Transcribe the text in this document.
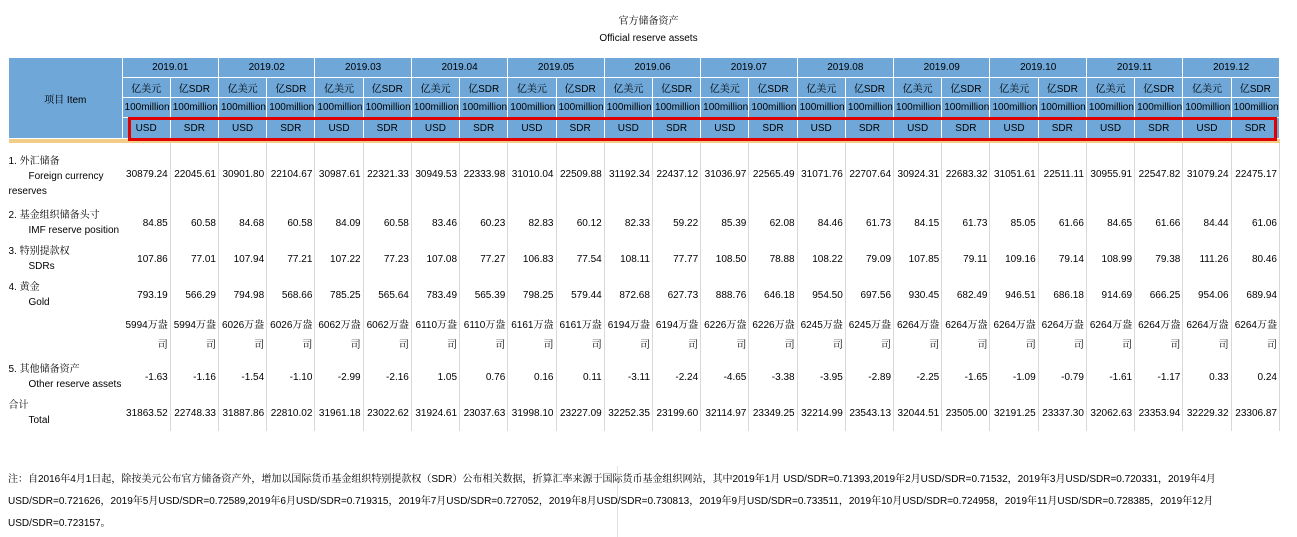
官方储备资产
Official reserve assets
项目 Item	2019.01		2019.02		2019.03		2019.04		2019.05		2019.06		2019.07		2019.08		2019.09		2019.10		2019.11		2019.12	
	亿美元	亿SDR	亿美元	亿SDR	亿美元	亿SDR	亿美元	亿SDR	亿美元	亿SDR	亿美元	亿SDR	亿美元	亿SDR	亿美元	亿SDR	亿美元	亿SDR	亿美元	亿SDR	亿美元	亿SDR	亿美元	亿SDR
	100million	100million	100million	100million	100million	100million	100million	100million	100million	100million	100million	100million	100million	100million	100million	100million	100million	100million	100million	100million	100million	100million	100million	100million
	USD	SDR	USD	SDR	USD	SDR	USD	SDR	USD	SDR	USD	SDR	USD	SDR	USD	SDR	USD	SDR	USD	SDR	USD	SDR	USD	SDR

1. 外汇储备
Foreign currency
reserves	30879.24	22045.61	30901.80	22104.67	30987.61	22321.33	30949.53	22333.98	31010.04	22509.88	31192.34	22437.12	31036.97	22565.49	31071.76	22707.64	30924.31	22683.32	31051.61	22511.11	30955.91	22547.82	31079.24	22475.17

2. 基金组织储备头寸
IMF reserve position	84.85	60.58	84.68	60.58	84.09	60.58	83.46	60.23	82.83	60.12	82.33	59.22	85.39	62.08	84.46	61.73	84.15	61.73	85.05	61.66	84.65	61.66	84.44	61.06

3. 特别提款权
SDRs	107.86	77.01	107.94	77.21	107.22	77.23	107.08	77.27	106.83	77.54	108.11	77.77	108.50	78.88	108.22	79.09	107.85	79.11	109.16	79.14	108.99	79.38	111.26	80.46

4. 黄金
Gold	793.19	566.29	794.98	568.66	785.25	565.64	783.49	565.39	798.25	579.44	872.68	627.73	888.76	646.18	954.50	697.56	930.45	682.49	946.51	686.18	914.69	666.25	954.06	689.94
	5994万盎司	5994万盎司	6026万盎司	6026万盎司	6062万盎司	6062万盎司	6110万盎司	6110万盎司	6161万盎司	6161万盎司	6194万盎司	6194万盎司	6226万盎司	6226万盎司	6245万盎司	6245万盎司	6264万盎司	6264万盎司	6264万盎司	6264万盎司	6264万盎司	6264万盎司	6264万盎司	6264万盎司

5. 其他储备资产
Other reserve assets	-1.63	-1.16	-1.54	-1.10	-2.99	-2.16	1.05	0.76	0.16	0.11	-3.11	-2.24	-4.65	-3.38	-3.95	-2.89	-2.25	-1.65	-1.09	-0.79	-1.61	-1.17	0.33	0.24

合计
Total	31863.52	22748.33	31887.86	22810.02	31961.18	23022.62	31924.61	23037.63	31998.10	23227.09	32252.35	23199.60	32114.97	23349.25	32214.99	23543.13	32044.51	23505.00	32191.25	23337.30	32062.63	23353.94	32229.32	23306.87
注：自2016年4月1日起，除按美元公布官方储备资产外，增加以国际货币基金组织特别提款权（SDR）公布相关数据，折算汇率来源于国际货币基金组织网站，其中2019年1月 USD/SDR=0.71393,2019年2月USD/SDR=0.71532，2019年3月USD/SDR=0.720331，2019年4月USD/SDR=0.721626，2019年5月USD/SDR=0.72589,2019年6月USD/SDR=0.719315，2019年7月USD/SDR=0.727052，2019年8月USD/SDR=0.730813，2019年9月USD/SDR=0.733511，2019年10月USD/SDR=0.724958，2019年11月USD/SDR=0.728385，2019年12月USD/SDR=0.723157。
